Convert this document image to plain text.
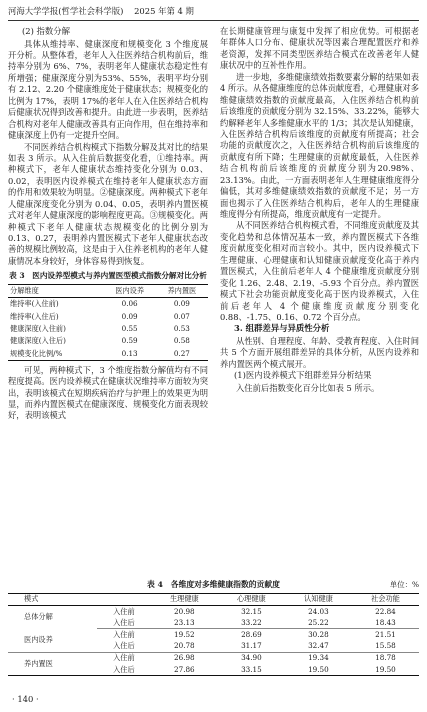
河海大学学报(哲学社会科学版) 2025 年第 4 期
(2) 指数分解

具体从维持率、健康深度和规模变化 3 个维度展开分析。从整体看，老年人入住医养结合机构前后，维持率分别为 6%、7%，表明老年人健康状态稳定性有所增强；健康深度分别为53%、55%，表明平均分别有 2.12、2.20 个健康维度处于健康状态；规模变化的比例为 17%，表明 17%的老年人在入住医养结合机构后健康状况得到改善和提升。由此进一步表明，医养结合机构对老年人健康改善具有正向作用，但在维持率和健康深度上仍有一定提升空间。

不同医养结合机构模式下指数分解及其对比的结果如表 3 所示。从入住前后数据变化看，①维持率。两种模式下，老年人健康状态维持变化分别为 0.03、0.02，表明医内设养模式在维持老年人健康状态方面的作用和效果较为明显。②健康深度。两种模式下老年人健康深度变化分别为 0.04、0.05，表明养内置医模式对老年人健康深度的影响程度更高。③规模变化。两种模式下老年人健康状态规模变化的比例分别为 0.13、0.27，表明养内置医模式下老年人健康状态改善的规模比例较高，这是由于入住养老机构的老年人健康情况本身较好，身体容易得到恢复。

表 3　医内设养型模式与养内置医型模式指数分解对比分析
分解维度	医内设养	养内置医
维持率(入住前)	0.06	0.09
维持率(入住后)	0.09	0.07
健康深度(入住前)	0.55	0.53
健康深度(入住后)	0.59	0.58
规模变化比例/%	0.13	0.27

可见，两种模式下，3 个维度指数分解值均有不同程度提高。医内设养模式在健康状况维持率方面较为突出，表明该模式在短期疾病治疗与护理上的效果更为明显，而养内置医模式在健康深度、规模变化方面表现较好，表明该模式

在长期健康管理与康复中发挥了相应优势。可根据老年群体人口分布、健康状况等因素合理配置医疗和养老资源，发挥不同类型医养结合模式在改善老年人健康状况中的互补性作用。

进一步地，多维健康绩效指数要素分解的结果如表 4 所示。从各健康维度的总体贡献度看，心理健康对多维健康绩效指数的贡献度最高，入住医养结合机构前后该维度的贡献度分别为 32.15%、33.22%，能够大约解释老年人多维健康水平的 1/3；其次是认知健康，入住医养结合机构后该维度的贡献度有所提高；社会功能的贡献度次之，入住医养结合机构前后该维度的贡献度有所下降；生理健康的贡献度最低，入住医养结合机构前后该维度的贡献度分别为20.98%、23.13%。由此，一方面表明老年人生理健康维度得分偏低，其对多维健康绩效指数的贡献度不足；另一方面也揭示了入住医养结合机构后，老年人的生理健康维度得分有所提高，维度贡献度有一定提升。

从不同医养结合机构模式看，不同维度贡献度及其变化趋势和总体情况基本一致，养内置医模式下各维度贡献度变化相对而言较小。其中，医内设养模式下生理健康、心理健康和认知健康贡献度变化高于养内置医模式，入住前后老年人 4 个健康维度贡献度分别变化 1.26、2.48、2.19、-5.93 个百分点。养内置医模式下社会功能贡献度变化高于医内设养模式，入住前后老年人 4 个健康维度贡献度分别变化0.88、-1.75、0.16、0.72 个百分点。

3. 组群差异与异质性分析

从性别、自理程度、年龄、受教育程度、入住时间共 5 个方面开展组群差异的具体分析，从医内设养和养内置医两个模式展开。

(1)医内设养模式下组群差异分析结果

入住前后指数变化百分比如表 5 所示。

表 4　各维度对多维健康指数的贡献度	单位：%
模式		生理健康	心理健康	认知健康	社会功能
总体分解	入住前	20.98	32.15	24.03	22.84
	入住后	23.13	33.22	25.22	18.43
医内设养	入住前	19.52	28.69	30.28	21.51
	入住后	20.78	31.17	32.47	15.58
养内置医	入住前	26.98	34.90	19.34	18.78
	入住后	27.86	33.15	19.50	19.50
· 140 ·
